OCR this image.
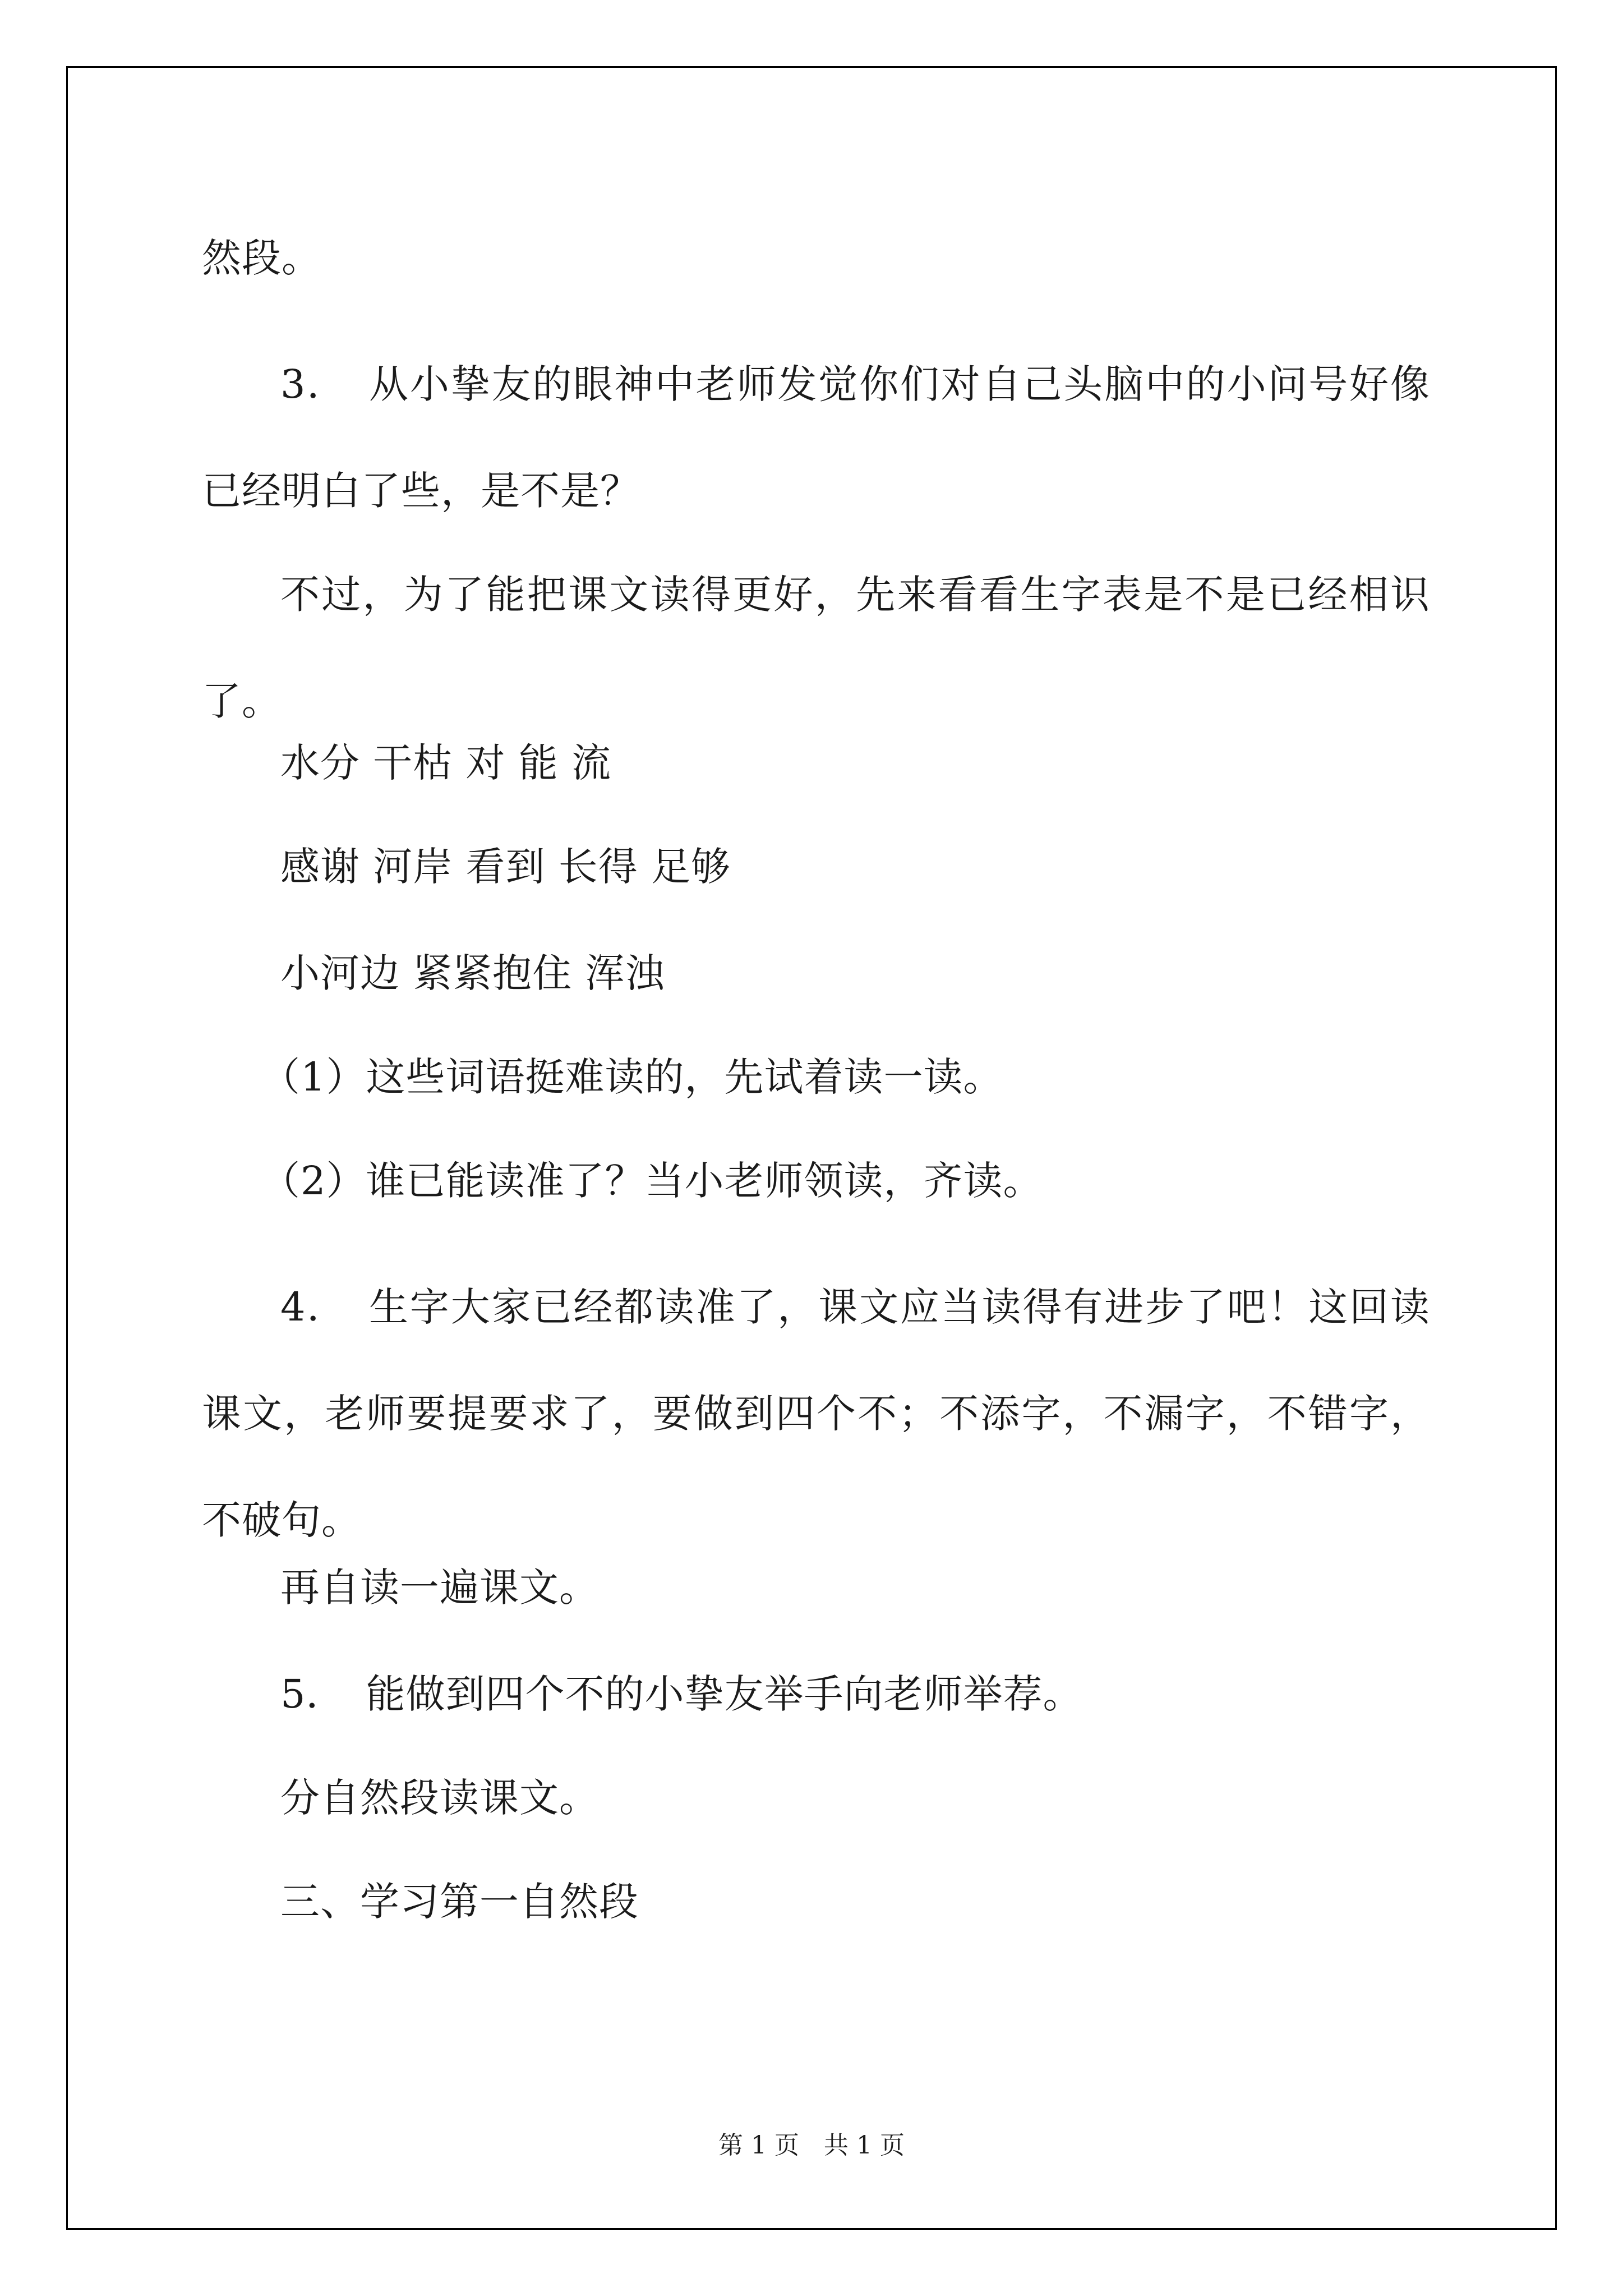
然段。
3．　从小挚友的眼神中老师发觉你们对自己头脑中的小问号好像已经明白了些，是不是？
不过，为了能把课文读得更好，先来看看生字表是不是已经相识了。
水分 干枯 对 能 流
感谢 河岸 看到 长得 足够
小河边 紧紧抱住 浑浊
（1）这些词语挺难读的，先试着读一读。
（2）谁已能读准了？当小老师领读，齐读。
4．　生字大家已经都读准了，课文应当读得有进步了吧！这回读课文，老师要提要求了，要做到四个不；不添字，不漏字，不错字，不破句。
再自读一遍课文。
5．　能做到四个不的小挚友举手向老师举荐。
分自然段读课文。
三、学习第一自然段
第 1 页　共 1 页
